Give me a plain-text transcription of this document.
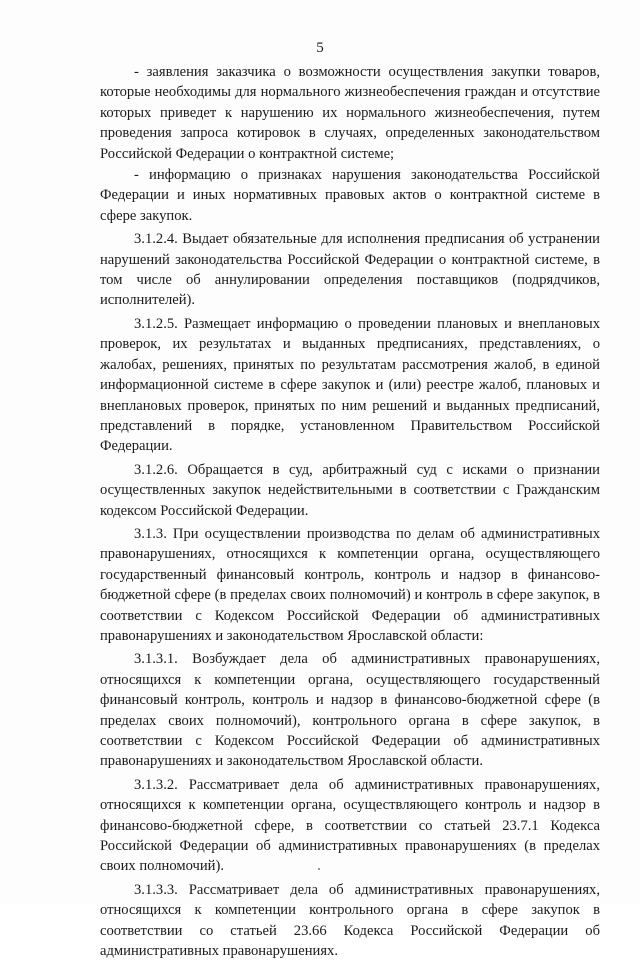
5

- заявления заказчика о возможности осуществления закупки товаров, которые необходимы для нормального жизнеобеспечения граждан и отсутствие которых приведет к нарушению их нормального жизнеобеспечения, путем проведения запроса котировок в случаях, определенных законодательством Российской Федерации о контрактной системе;

- информацию о признаках нарушения законодательства Российской Федерации и иных нормативных правовых актов о контрактной системе в сфере закупок.

3.1.2.4. Выдает обязательные для исполнения предписания об устранении нарушений законодательства Российской Федерации о контрактной системе, в том числе об аннулировании определения поставщиков (подрядчиков, исполнителей).

3.1.2.5. Размещает информацию о проведении плановых и внеплановых проверок, их результатах и выданных предписаниях, представлениях, о жалобах, решениях, принятых по результатам рассмотрения жалоб, в единой информационной системе в сфере закупок и (или) реестре жалоб, плановых и внеплановых проверок, принятых по ним решений и выданных предписаний, представлений в порядке, установленном Правительством Российской Федерации.

3.1.2.6. Обращается в суд, арбитражный суд с исками о признании осуществленных закупок недействительными в соответствии с Гражданским кодексом Российской Федерации.

3.1.3. При осуществлении производства по делам об административных правонарушениях, относящихся к компетенции органа, осуществляющего государственный финансовый контроль, контроль и надзор в финансово-бюджетной сфере (в пределах своих полномочий) и контроль в сфере закупок, в соответствии с Кодексом Российской Федерации об административных правонарушениях и законодательством Ярославской области:

3.1.3.1. Возбуждает дела об административных правонарушениях, относящихся к компетенции органа, осуществляющего государственный финансовый контроль, контроль и надзор в финансово-бюджетной сфере (в пределах своих полномочий), контрольного органа в сфере закупок, в соответствии с Кодексом Российской Федерации об административных правонарушениях и законодательством Ярославской области.

3.1.3.2. Рассматривает дела об административных правонарушениях, относящихся к компетенции органа, осуществляющего контроль и надзор в финансово-бюджетной сфере, в соответствии со статьей 23.7.1 Кодекса Российской Федерации об административных правонарушениях (в пределах своих полномочий).

3.1.3.3. Рассматривает дела об административных правонарушениях, относящихся к компетенции контрольного органа в сфере закупок в соответствии со статьей 23.66 Кодекса Российской Федерации об административных правонарушениях.
